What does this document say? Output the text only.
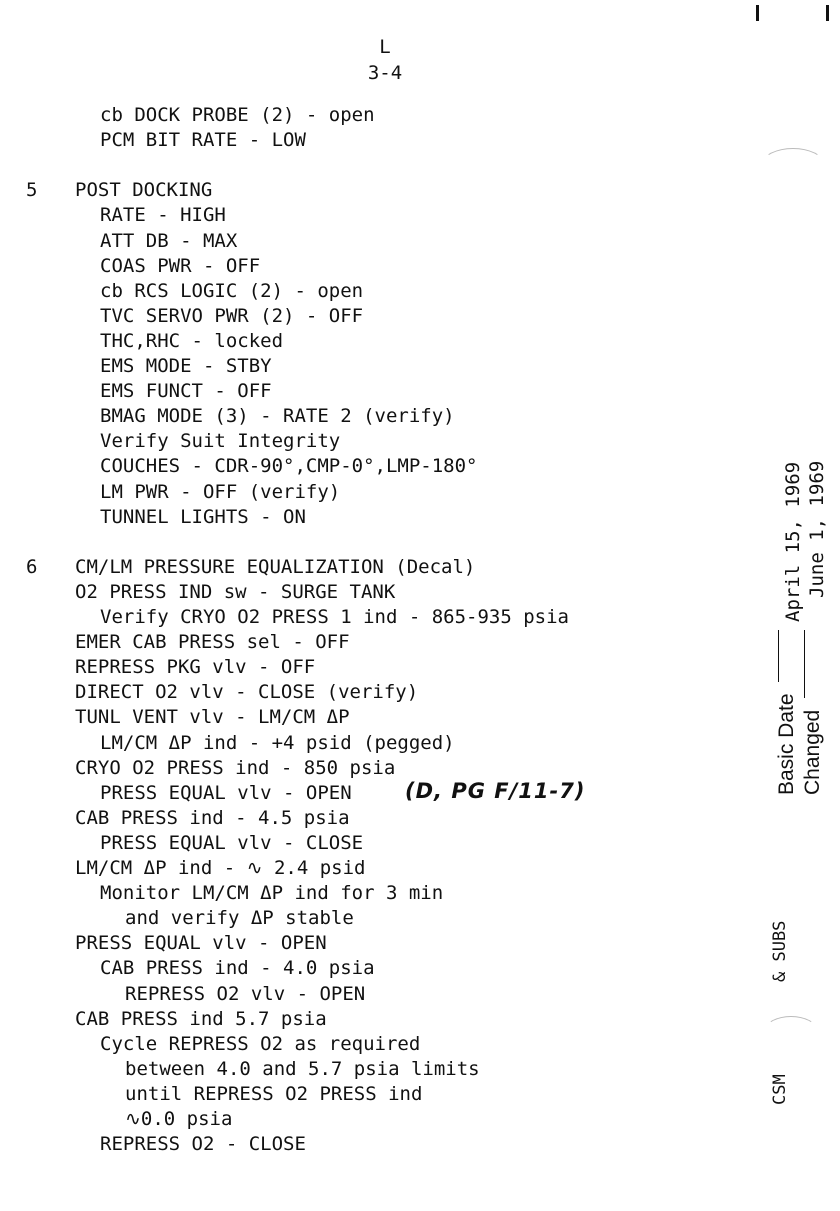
L
3-4
cb DOCK PROBE (2) - open
PCM BIT RATE - LOW
5 POST DOCKING
RATE - HIGH
ATT DB - MAX
COAS PWR - OFF
cb RCS LOGIC (2) - open
TVC SERVO PWR (2) - OFF
THC,RHC - locked
EMS MODE - STBY
EMS FUNCT - OFF
BMAG MODE (3) - RATE 2 (verify)
Verify Suit Integrity
COUCHES - CDR-90°,CMP-0°,LMP-180°
LM PWR - OFF (verify)
TUNNEL LIGHTS - ON
6 CM/LM PRESSURE EQUALIZATION (Decal)
O2 PRESS IND sw - SURGE TANK
Verify CRYO O2 PRESS 1 ind - 865-935 psia
EMER CAB PRESS sel - OFF
REPRESS PKG vlv - OFF
DIRECT O2 vlv - CLOSE (verify)
TUNL VENT vlv - LM/CM ΔP
LM/CM ΔP ind - +4 psid (pegged)
CRYO O2 PRESS ind - 850 psia
PRESS EQUAL vlv - OPEN
CAB PRESS ind - 4.5 psia
PRESS EQUAL vlv - CLOSE
LM/CM ΔP ind - ∿ 2.4 psid
Monitor LM/CM ΔP ind for 3 min
and verify ΔP stable
PRESS EQUAL vlv - OPEN
CAB PRESS ind - 4.0 psia
REPRESS O2 vlv - OPEN
CAB PRESS ind 5.7 psia
Cycle REPRESS O2 as required
between 4.0 and 5.7 psia limits
until REPRESS O2 PRESS ind
∿0.0 psia
REPRESS O2 - CLOSE
(D, PG F/11-7)	Basic Date Changed
April 15, 1969 June 1, 1969
& SUBS
CSM
